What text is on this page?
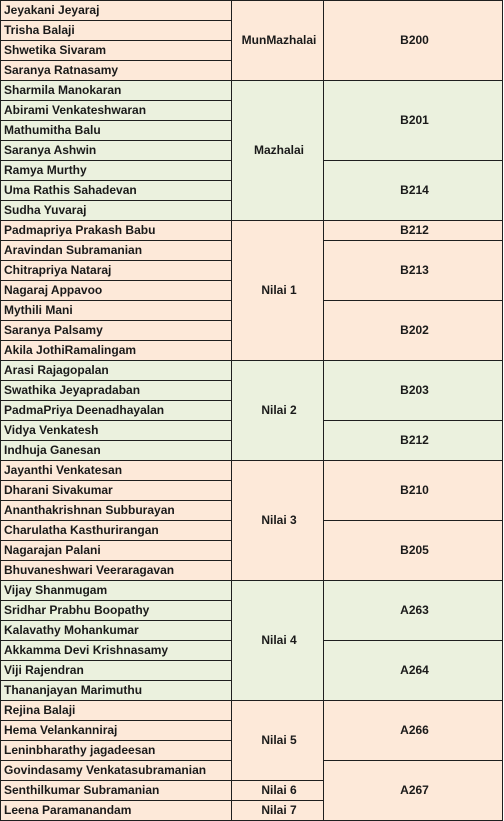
Jeyakani Jeyaraj	MunMazhalai	B200
Trisha Balaji		
Shwetika Sivaram		
Saranya Ratnasamy		
Sharmila Manokaran	Mazhalai	B201
Abirami Venkateshwaran		
Mathumitha Balu		
Saranya Ashwin		
Ramya Murthy		B214
Uma Rathis Sahadevan		
Sudha Yuvaraj		
Padmapriya Prakash Babu	Nilai 1	B212
Aravindan Subramanian		B213
Chitrapriya Nataraj		
Nagaraj Appavoo		
Mythili Mani		B202
Saranya Palsamy		
Akila JothiRamalingam		
Arasi Rajagopalan	Nilai 2	B203
Swathika Jeyapradaban		
PadmaPriya Deenadhayalan		
Vidya Venkatesh		B212
Indhuja Ganesan		
Jayanthi Venkatesan	Nilai 3	B210
Dharani Sivakumar		
Ananthakrishnan Subburayan		
Charulatha Kasthurirangan		B205
Nagarajan Palani		
Bhuvaneshwari Veeraragavan		
Vijay Shanmugam	Nilai 4	A263
Sridhar Prabhu Boopathy		
Kalavathy Mohankumar		
Akkamma Devi Krishnasamy		A264
Viji Rajendran		
Thananjayan Marimuthu		
Rejina Balaji	Nilai 5	A266
Hema Velankanniraj		
Leninbharathy jagadeesan		
Govindasamy Venkatasubramanian		A267
Senthilkumar Subramanian	Nilai 6	
Leena Paramanandam	Nilai 7	
